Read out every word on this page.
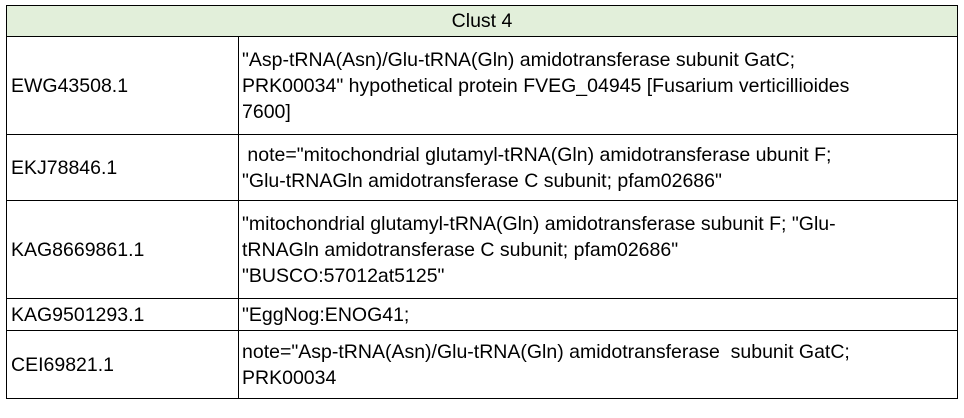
Clust 4	
EWG43508.1	"Asp-tRNA(Asn)/Glu-tRNA(Gln) amidotransferase subunit GatC;
PRK00034" hypothetical protein FVEG_04945 [Fusarium verticillioides
7600]

EKJ78846.1	note="mitochondrial glutamyl-tRNA(Gln) amidotransferase ubunit F;
"Glu-tRNAGln amidotransferase C subunit; pfam02686"

KAG8669861.1	"mitochondrial glutamyl-tRNA(Gln) amidotransferase subunit F; "Glu-
tRNAGln amidotransferase C subunit; pfam02686"
"BUSCO:57012at5125"

KAG9501293.1	"EggNog:ENOG41;

CEI69821.1	note="Asp-tRNA(Asn)/Glu-tRNA(Gln) amidotransferase  subunit GatC;
PRK00034
